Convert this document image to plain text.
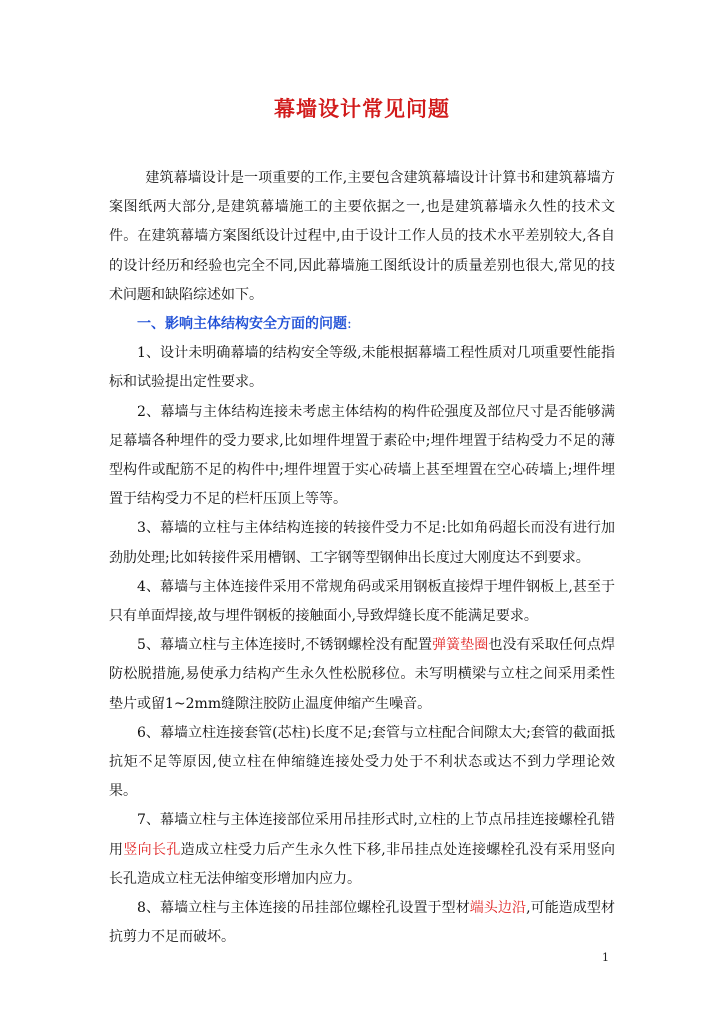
幕墙设计常见问题

建筑幕墙设计是一项重要的工作,主要包含建筑幕墙设计计算书和建筑幕墙方案图纸两大部分,是建筑幕墙施工的主要依据之一,也是建筑幕墙永久性的技术文件。在建筑幕墙方案图纸设计过程中,由于设计工作人员的技术水平差别较大,各自的设计经历和经验也完全不同,因此幕墙施工图纸设计的质量差别也很大,常见的技术问题和缺陷综述如下。

一、影响主体结构安全方面的问题:

1、设计未明确幕墙的结构安全等级,未能根据幕墙工程性质对几项重要性能指标和试验提出定性要求。

2、幕墙与主体结构连接未考虑主体结构的构件砼强度及部位尺寸是否能够满足幕墙各种埋件的受力要求,比如埋件埋置于素砼中;埋件埋置于结构受力不足的薄型构件或配筋不足的构件中;埋件埋置于实心砖墙上甚至埋置在空心砖墙上;埋件埋置于结构受力不足的栏杆压顶上等等。

3、幕墙的立柱与主体结构连接的转接件受力不足:比如角码超长而没有进行加劲肋处理;比如转接件采用槽钢、工字钢等型钢伸出长度过大刚度达不到要求。

4、幕墙与主体连接件采用不常规角码或采用钢板直接焊于埋件钢板上,甚至于只有单面焊接,故与埋件钢板的接触面小,导致焊缝长度不能满足要求。

5、幕墙立柱与主体连接时,不锈钢螺栓没有配置弹簧垫圈也没有采取任何点焊防松脱措施,易使承力结构产生永久性松脱移位。未写明横梁与立柱之间采用柔性垫片或留1~2mm缝隙注胶防止温度伸缩产生噪音。

6、幕墙立柱连接套管(芯柱)长度不足;套管与立柱配合间隙太大;套管的截面抵抗矩不足等原因,使立柱在伸缩缝连接处受力处于不利状态或达不到力学理论效果。

7、幕墙立柱与主体连接部位采用吊挂形式时,立柱的上节点吊挂连接螺栓孔错用竖向长孔造成立柱受力后产生永久性下移,非吊挂点处连接螺栓孔没有采用竖向长孔造成立柱无法伸缩变形增加内应力。

8、幕墙立柱与主体连接的吊挂部位螺栓孔设置于型材端头边沿,可能造成型材抗剪力不足而破坏。

1
